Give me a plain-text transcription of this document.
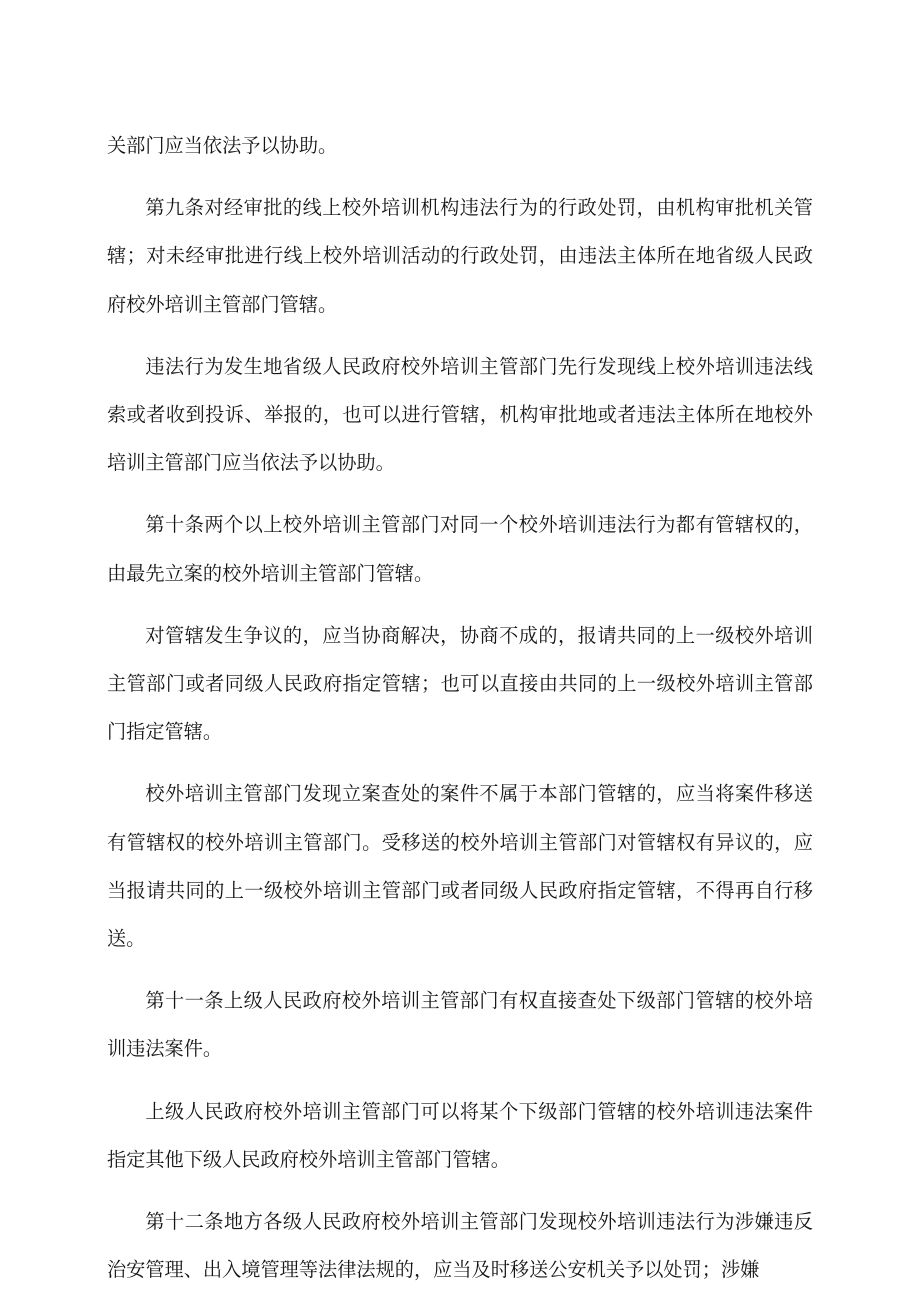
关部门应当依法予以协助。

第九条对经审批的线上校外培训机构违法行为的行政处罚，由机构审批机关管辖；对未经审批进行线上校外培训活动的行政处罚，由违法主体所在地省级人民政府校外培训主管部门管辖。

违法行为发生地省级人民政府校外培训主管部门先行发现线上校外培训违法线索或者收到投诉、举报的，也可以进行管辖，机构审批地或者违法主体所在地校外培训主管部门应当依法予以协助。

第十条两个以上校外培训主管部门对同一个校外培训违法行为都有管辖权的，由最先立案的校外培训主管部门管辖。

对管辖发生争议的，应当协商解决，协商不成的，报请共同的上一级校外培训主管部门或者同级人民政府指定管辖；也可以直接由共同的上一级校外培训主管部门指定管辖。

校外培训主管部门发现立案查处的案件不属于本部门管辖的，应当将案件移送有管辖权的校外培训主管部门。受移送的校外培训主管部门对管辖权有异议的，应当报请共同的上一级校外培训主管部门或者同级人民政府指定管辖，不得再自行移送。

第十一条上级人民政府校外培训主管部门有权直接查处下级部门管辖的校外培训违法案件。

上级人民政府校外培训主管部门可以将某个下级部门管辖的校外培训违法案件指定其他下级人民政府校外培训主管部门管辖。

第十二条地方各级人民政府校外培训主管部门发现校外培训违法行为涉嫌违反治安管理、出入境管理等法律法规的，应当及时移送公安机关予以处罚；涉嫌
